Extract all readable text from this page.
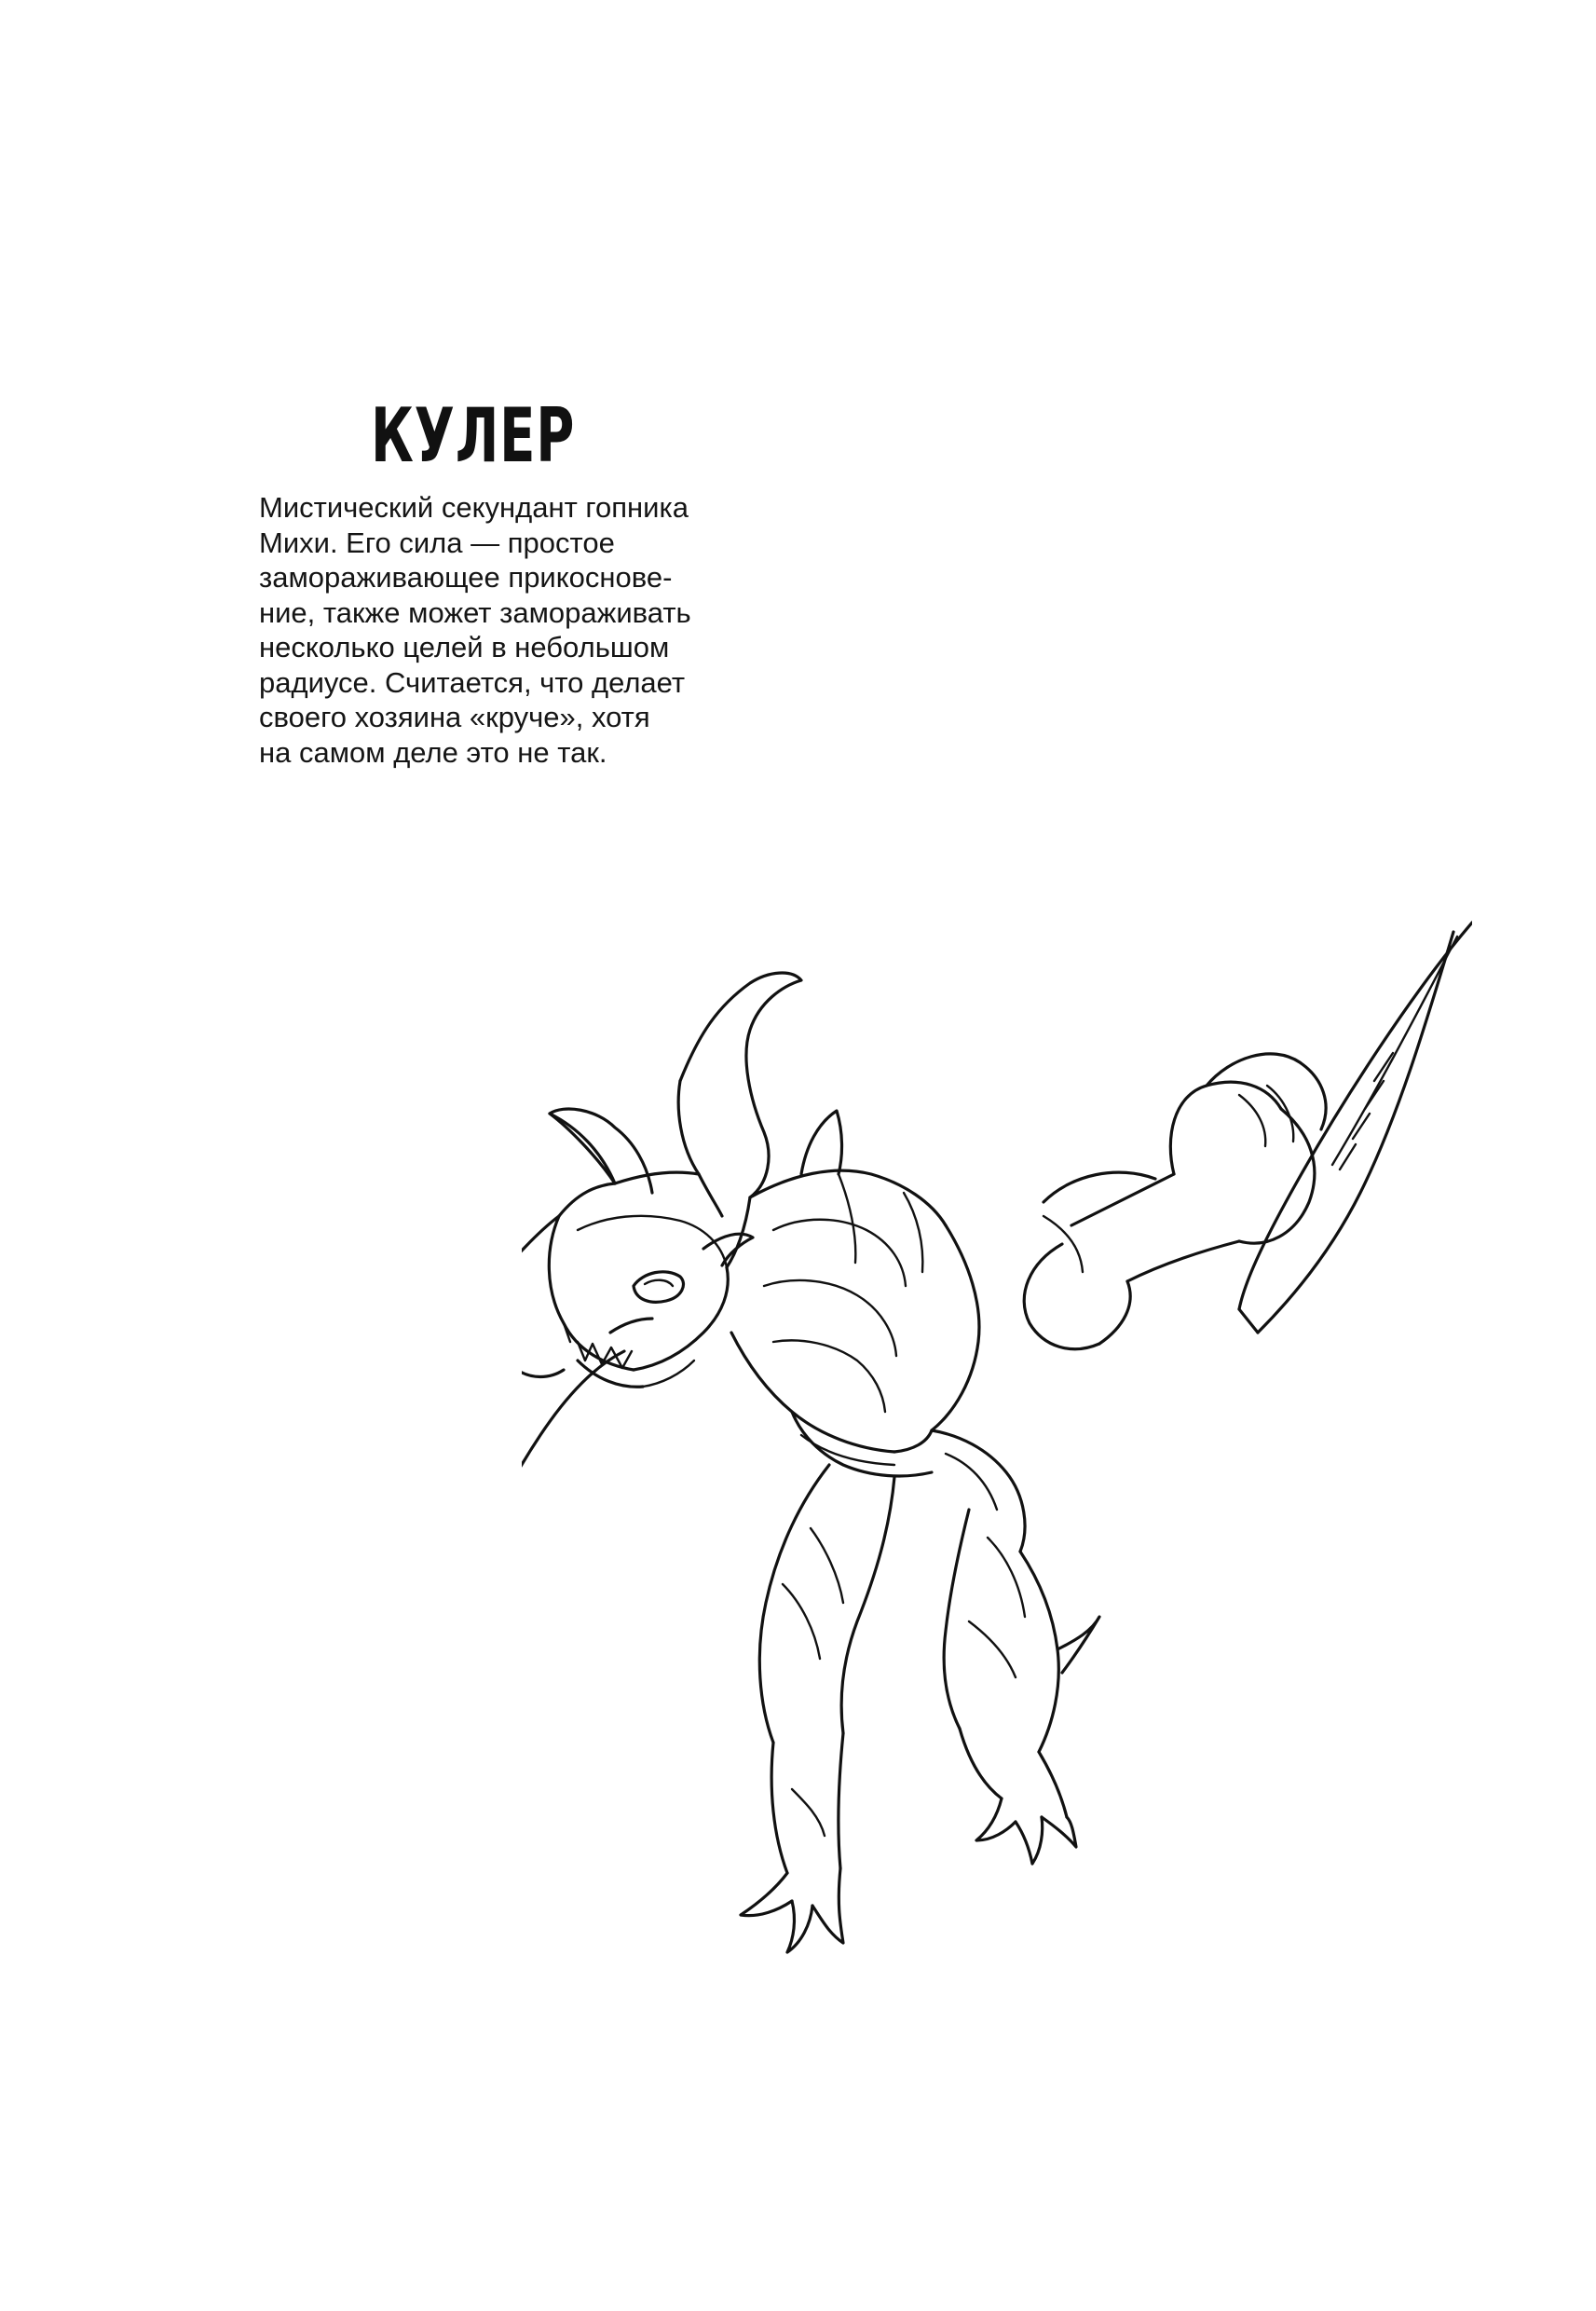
КУЛЕР
Мистический секундант гопника
Михи. Его сила — простое
замораживающее прикоснове-
ние, также может замораживать
несколько целей в небольшом
радиусе. Считается, что делает
своего хозяина «круче», хотя
на самом деле это не так.
